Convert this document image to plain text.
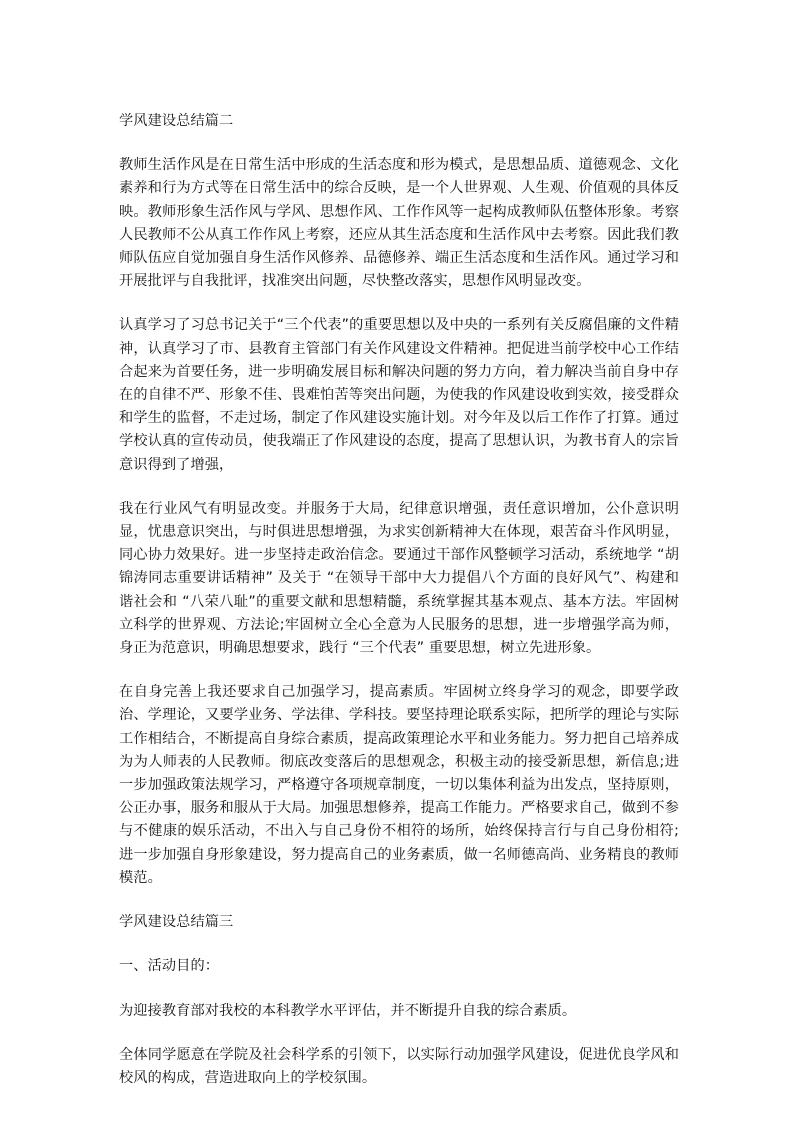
学风建设总结篇二

教师生活作风是在日常生活中形成的生活态度和形为模式，是思想品质、道德观念、文化素养和行为方式等在日常生活中的综合反映，是一个人世界观、人生观、价值观的具体反映。教师形象生活作风与学风、思想作风、工作作风等一起构成教师队伍整体形象。考察人民教师不公从真工作作风上考察，还应从其生活态度和生活作风中去考察。因此我们教师队伍应自觉加强自身生活作风修养、品德修养、端正生活态度和生活作风。通过学习和开展批评与自我批评，找准突出问题，尽快整改落实，思想作风明显改变。

认真学习了习总书记关于“三个代表”的重要思想以及中央的一系列有关反腐倡廉的文件精神，认真学习了市、县教育主管部门有关作风建设文件精神。把促进当前学校中心工作结合起来为首要任务，进一步明确发展目标和解决问题的努力方向，着力解决当前自身中存在的自律不严、形象不佳、畏难怕苦等突出问题，为使我的作风建设收到实效，接受群众和学生的监督，不走过场，制定了作风建设实施计划。对今年及以后工作作了打算。通过学校认真的宣传动员，使我端正了作风建设的态度，提高了思想认识，为教书育人的宗旨意识得到了增强，

我在行业风气有明显改变。并服务于大局，纪律意识增强，责任意识增加，公仆意识明显，忧患意识突出，与时俱进思想增强，为求实创新精神大在体现，艰苦奋斗作风明显，同心协力效果好。进一步坚持走政治信念。要通过干部作风整顿学习活动，系统地学 “胡锦涛同志重要讲话精神” 及关于 “在领导干部中大力提倡八个方面的良好风气”、构建和谐社会和 “八荣八耻”的重要文献和思想精髓，系统掌握其基本观点、基本方法。牢固树立科学的世界观、方法论;牢固树立全心全意为人民服务的思想，进一步增强学高为师，身正为范意识，明确思想要求，践行 “三个代表” 重要思想，树立先进形象。

在自身完善上我还要求自己加强学习，提高素质。牢固树立终身学习的观念，即要学政治、学理论，又要学业务、学法律、学科技。要坚持理论联系实际，把所学的理论与实际工作相结合，不断提高自身综合素质，提高政策理论水平和业务能力。努力把自己培养成为为人师表的人民教师。彻底改变落后的思想观念，积极主动的接受新思想，新信息;进一步加强政策法规学习，严格遵守各项规章制度，一切以集体利益为出发点，坚持原则，公正办事，服务和服从于大局。加强思想修养，提高工作能力。严格要求自己，做到不参与不健康的娱乐活动，不出入与自己身份不相符的场所，始终保持言行与自己身份相符;进一步加强自身形象建设，努力提高自己的业务素质，做一名师德高尚、业务精良的教师模范。

学风建设总结篇三
一、活动目的：

为迎接教育部对我校的本科教学水平评估，并不断提升自我的综合素质。

全体同学愿意在学院及社会科学系的引领下，以实际行动加强学风建设，促进优良学风和校风的构成，营造进取向上的学校氛围。
